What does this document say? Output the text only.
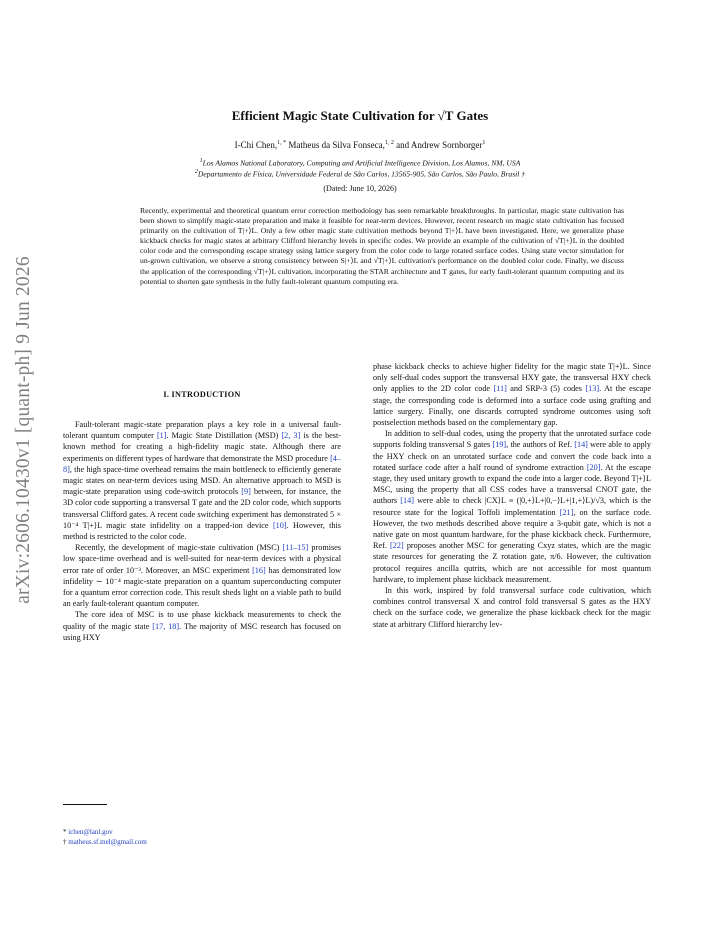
arXiv:2606.10430v1 [quant-ph] 9 Jun 2026
Efficient Magic State Cultivation for √T Gates
I-Chi Chen,$^{1, *}$ Matheus da Silva Fonseca,$^{1, 2}$ and Andrew Sornborger$^1$
$^1$Los Alamos National Laboratory, Computing and Artificial Intelligence Division, Los Alamos, NM, USA
$^2$Departamento de Física, Universidade Federal de São Carlos, 13565-905, São Carlos, São Paulo, Brasil †
(Dated: June 10, 2026)
Recently, experimental and theoretical quantum error correction methodology has seen remarkable breakthroughs. In particular, magic state cultivation has been shown to simplify magic-state preparation and make it feasible for near-term devices. However, recent research on magic state cultivation has focused primarily on the cultivation of T|+⟩L. Only a few other magic state cultivation methods beyond T|+⟩L have been investigated. Here, we generalize phase kickback checks for magic states at arbitrary Clifford hierarchy levels in specific codes. We provide an example of the cultivation of √T|+⟩L in the doubled color code and the corresponding escape strategy using lattice surgery from the color code to large rotated surface codes. Using state vector simulation for un-grown cultivation, we observe a strong consistency between S|+⟩L and √T|+⟩L cultivation's performance on the doubled color code. Finally, we discuss the application of the corresponding √T|+⟩L cultivation, incorporating the STAR architecture and T gates, for early fault-tolerant quantum computing and its potential to shorten gate synthesis in the fully fault-tolerant quantum computing era.
I. INTRODUCTION

Fault-tolerant magic-state preparation plays a key role in a universal fault-tolerant quantum computer [1]. Magic State Distillation (MSD) [2, 3] is the best-known method for creating a high-fidelity magic state. Although there are experiments on different types of hardware that demonstrate the MSD procedure [4–8], the high space-time overhead remains the main bottleneck to efficiently generate magic states on near-term devices using MSD. An alternative approach to MSD is magic-state preparation using code-switch protocols [9] between, for instance, the 3D color code supporting a transversal T gate and the 2D color code, which supports transversal Clifford gates. A recent code switching experiment has demonstrated 5 × 10⁻⁴ T|+⟩L magic state infidelity on a trapped-ion device [10]. However, this method is restricted to the color code.

Recently, the development of magic-state cultivation (MSC) [11–15] promises low space-time overhead and is well-suited for near-term devices with a physical error rate of order 10⁻³. Moreover, an MSC experiment [16] has demonstrated low infidelity ∼ 10⁻⁴ magic-state preparation on a quantum superconducting computer for a quantum error correction code. This result sheds light on a viable path to build an early fault-tolerant quantum computer.

The core idea of MSC is to use phase kickback measurements to check the quality of the magic state [17, 18]. The majority of MSC research has focused on using HXY

phase kickback checks to achieve higher fidelity for the magic state T|+⟩L. Since only self-dual codes support the transversal HXY gate, the transversal HXY check only applies to the 2D color code [11] and SRP-3 (5) codes [13]. At the escape stage, the corresponding code is deformed into a surface code using grafting and lattice surgery. Finally, one discards corrupted syndrome outcomes using soft postselection methods based on the complementary gap.

In addition to self-dual codes, using the property that the unrotated surface code supports folding transversal S gates [19], the authors of Ref. [14] were able to apply the HXY check on an unrotated surface code and convert the code back into a rotated surface code after a half round of syndrome extraction [20]. At the escape stage, they used unitary growth to expand the code into a larger code. Beyond T|+⟩L MSC, using the property that all CSS codes have a transversal CNOT gate, the authors [14] were able to check |CX⟩L ≡ (|0,+⟩L+|0,−⟩L+|1,+⟩L)/√3, which is the resource state for the logical Toffoli implementation [21], on the surface code. However, the two methods described above require a 3-qubit gate, which is not a native gate on most quantum hardware, for the phase kickback check. Furthermore, Ref. [22] proposes another MSC for generating Cxyz states, which are the magic state resources for generating the Z rotation gate, π/6. However, the cultivation protocol requires ancilla qutrits, which are not accessible for most quantum hardware, to implement phase kickback measurement.

In this work, inspired by fold transversal surface code cultivation, which combines control transversal X and control fold transversal S gates as the HXY check on the surface code, we generalize the phase kickback check for the magic state at arbitrary Clifford hierarchy lev-

* ichen@lanl.gov
† matheus.sf.mel@gmail.com
